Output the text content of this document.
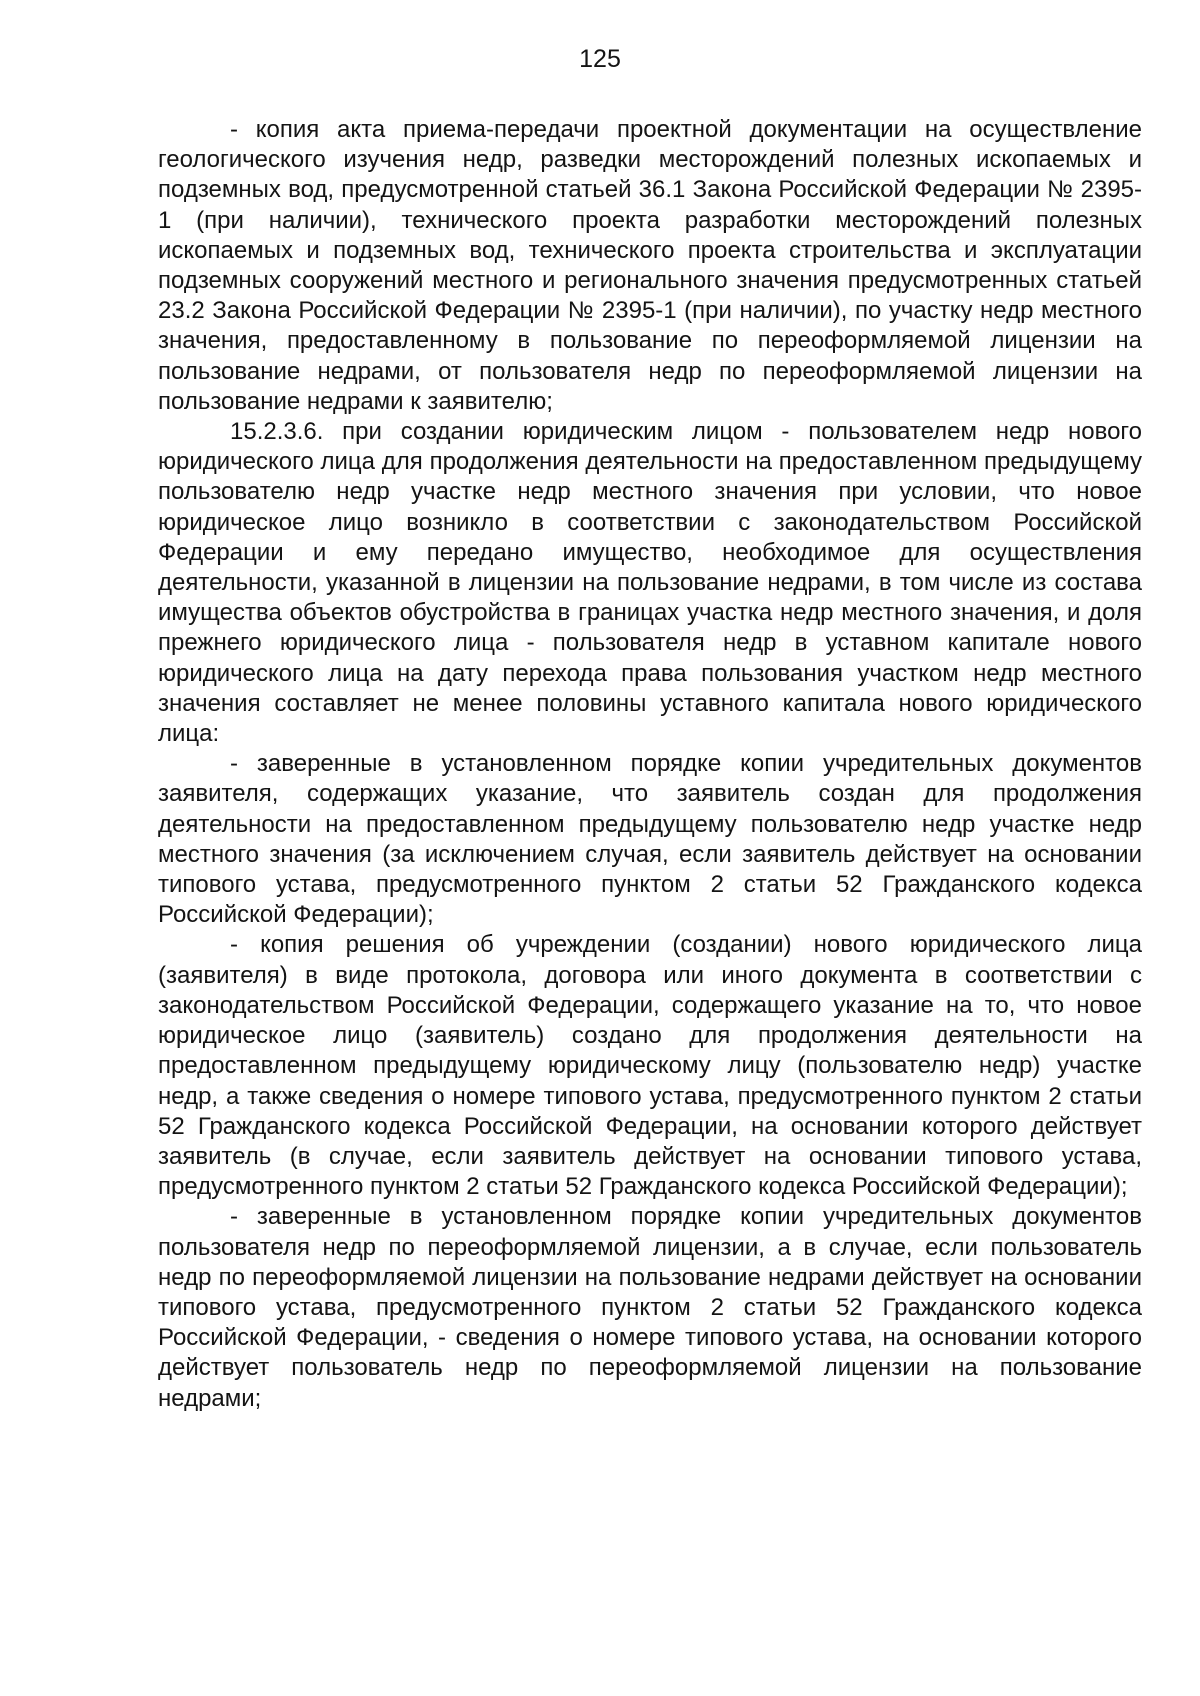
125

- копия акта приема-передачи проектной документации на осуществление геологического изучения недр, разведки месторождений полезных ископаемых и подземных вод, предусмотренной статьей 36.1 Закона Российской Федерации № 2395-1 (при наличии), технического проекта разработки месторождений полезных ископаемых и подземных вод, технического проекта строительства и эксплуатации подземных сооружений местного и регионального значения предусмотренных статьей 23.2 Закона Российской Федерации № 2395-1 (при наличии), по участку недр местного значения, предоставленному в пользование по переоформляемой лицензии на пользование недрами, от пользователя недр по переоформляемой лицензии на пользование недрами к заявителю;

15.2.3.6. при создании юридическим лицом - пользователем недр нового юридического лица для продолжения деятельности на предоставленном предыдущему пользователю недр участке недр местного значения при условии, что новое юридическое лицо возникло в соответствии с законодательством Российской Федерации и ему передано имущество, необходимое для осуществления деятельности, указанной в лицензии на пользование недрами, в том числе из состава имущества объектов обустройства в границах участка недр местного значения, и доля прежнего юридического лица - пользователя недр в уставном капитале нового юридического лица на дату перехода права пользования участком недр местного значения составляет не менее половины уставного капитала нового юридического лица:

- заверенные в установленном порядке копии учредительных документов заявителя, содержащих указание, что заявитель создан для продолжения деятельности на предоставленном предыдущему пользователю недр участке недр местного значения (за исключением случая, если заявитель действует на основании типового устава, предусмотренного пунктом 2 статьи 52 Гражданского кодекса Российской Федерации);

- копия решения об учреждении (создании) нового юридического лица (заявителя) в виде протокола, договора или иного документа в соответствии с законодательством Российской Федерации, содержащего указание на то, что новое юридическое лицо (заявитель) создано для продолжения деятельности на предоставленном предыдущему юридическому лицу (пользователю недр) участке недр, а также сведения о номере типового устава, предусмотренного пунктом 2 статьи 52 Гражданского кодекса Российской Федерации, на основании которого действует заявитель (в случае, если заявитель действует на основании типового устава, предусмотренного пунктом 2 статьи 52 Гражданского кодекса Российской Федерации);

- заверенные в установленном порядке копии учредительных документов пользователя недр по переоформляемой лицензии, а в случае, если пользователь недр по переоформляемой лицензии на пользование недрами действует на основании типового устава, предусмотренного пунктом 2 статьи 52 Гражданского кодекса Российской Федерации, - сведения о номере типового устава, на основании которого действует пользователь недр по переоформляемой лицензии на пользование недрами;
